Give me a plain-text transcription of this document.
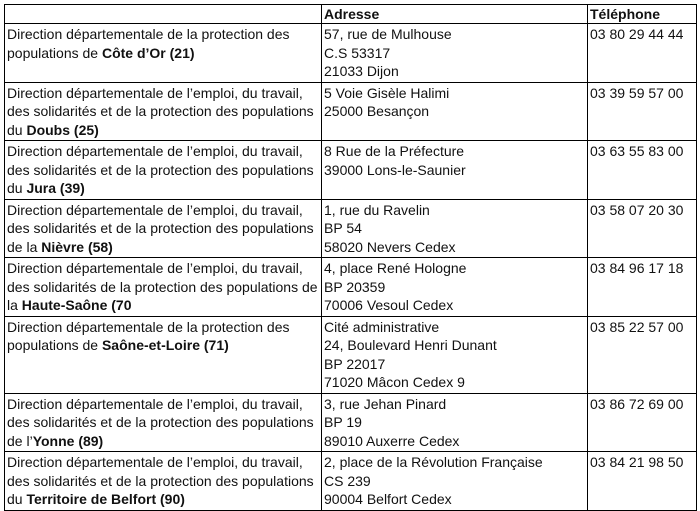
	Adresse	Téléphone
Direction départementale de la protection des populations de Côte d’Or (21)	57, rue de Mulhouse
C.S 53317
21033 Dijon	03 80 29 44 44
Direction départementale de l’emploi, du travail, des solidarités et de la protection des populations du Doubs (25)	5 Voie Gisèle Halimi
25000 Besançon	03 39 59 57 00
Direction départementale de l’emploi, du travail, des solidarités et de la protection des populations du Jura (39)	8 Rue de la Préfecture
39000 Lons-le-Saunier	03 63 55 83 00
Direction départementale de l’emploi, du travail, des solidarités et de la protection des populations de la Nièvre (58)	1, rue du Ravelin
BP 54
58020 Nevers Cedex	03 58 07 20 30
Direction départementale de l’emploi, du travail, des solidarités de la protection des populations de la Haute-Saône (70	4, place René Hologne
BP 20359
70006 Vesoul Cedex	03 84 96 17 18
Direction départementale de la protection des populations de Saône-et-Loire (71)	Cité administrative
24, Boulevard Henri Dunant
BP 22017
71020 Mâcon Cedex 9	03 85 22 57 00
Direction départementale de l’emploi, du travail, des solidarités et de la protection des populations de l’Yonne (89)	3, rue Jehan Pinard
BP 19
89010 Auxerre Cedex	03 86 72 69 00
Direction départementale de l’emploi, du travail, des solidarités et de la protection des populations du Territoire de Belfort (90)	2, place de la Révolution Française
CS 239
90004 Belfort Cedex	03 84 21 98 50
